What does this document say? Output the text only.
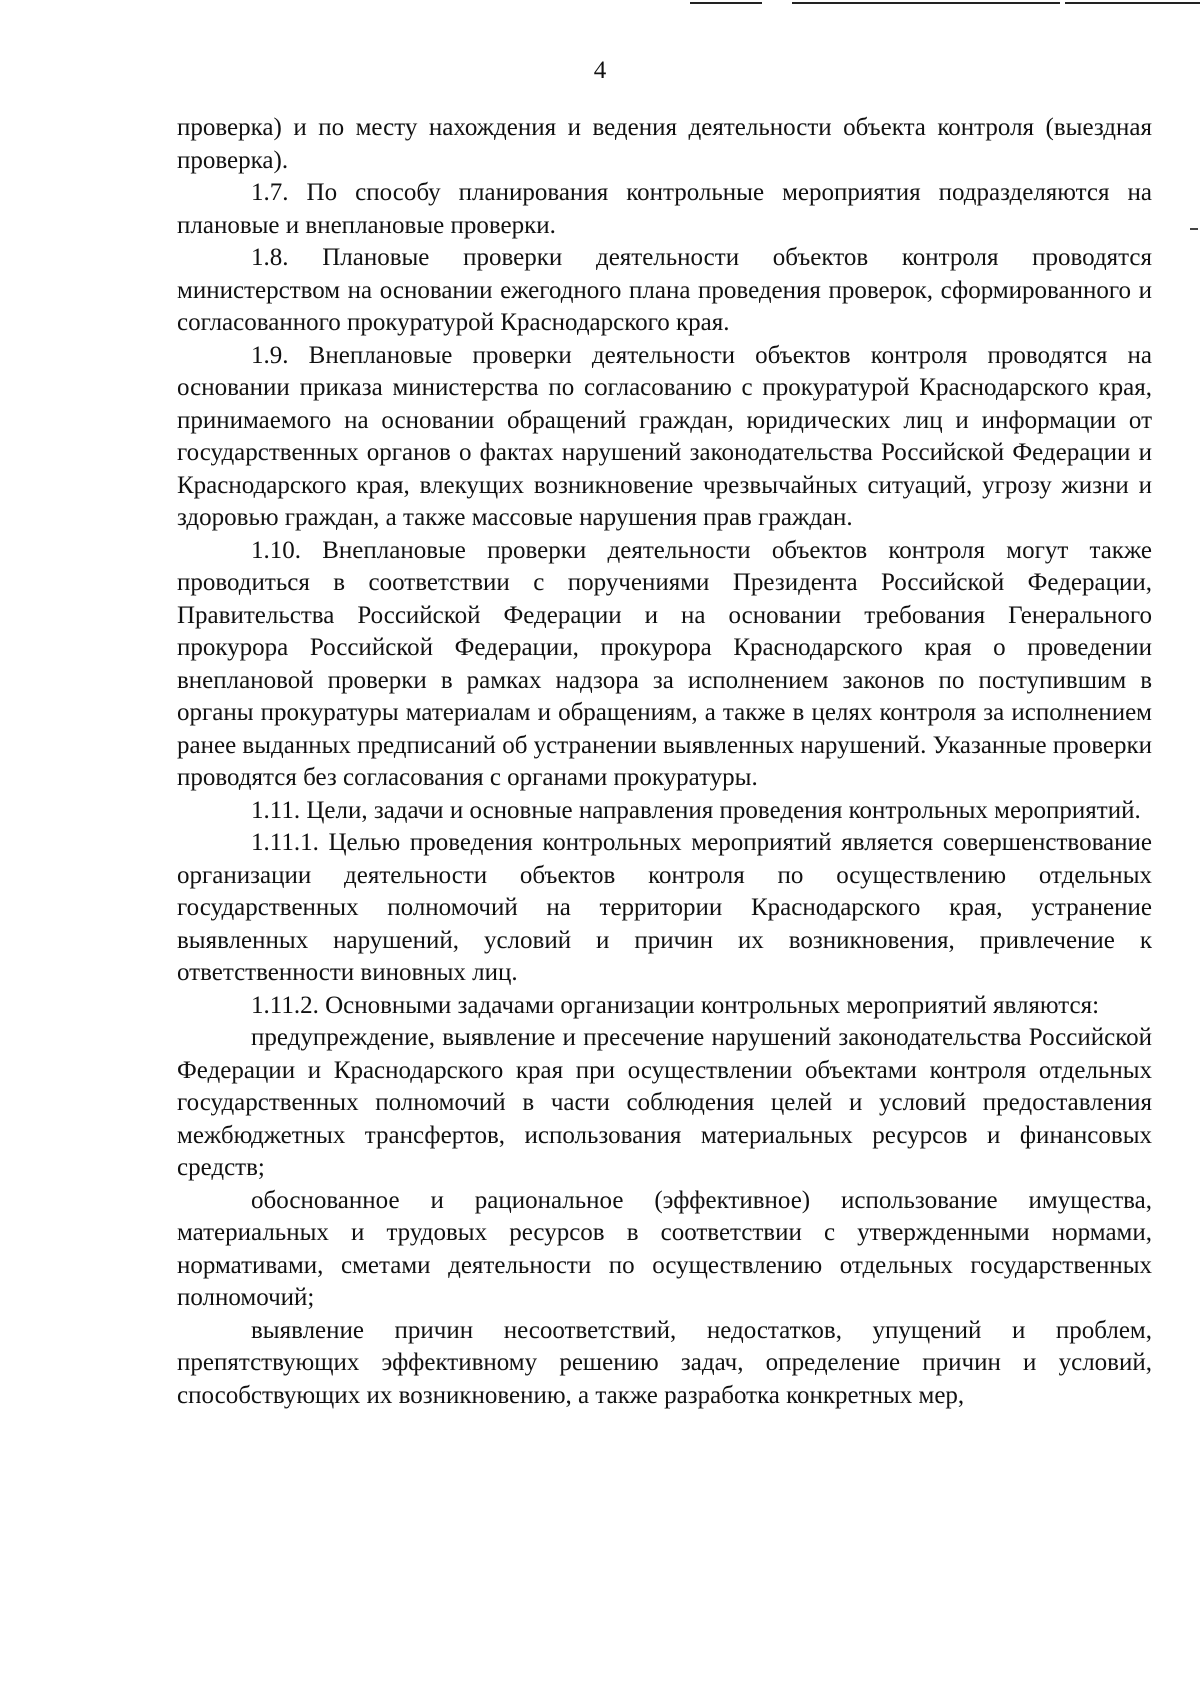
4

проверка) и по месту нахождения и ведения деятельности объекта контроля (выездная проверка).

1.7. По способу планирования контрольные мероприятия подразделяются на плановые и внеплановые проверки.

1.8. Плановые проверки деятельности объектов контроля проводятся министерством на основании ежегодного плана проведения проверок, сформированного и согласованного прокуратурой Краснодарского края.

1.9. Внеплановые проверки деятельности объектов контроля проводятся на основании приказа министерства по согласованию с прокуратурой Краснодарского края, принимаемого на основании обращений граждан, юридических лиц и информации от государственных органов о фактах нарушений законодательства Российской Федерации и Краснодарского края, влекущих возникновение чрезвычайных ситуаций, угрозу жизни и здоровью граждан, а также массовые нарушения прав граждан.

1.10. Внеплановые проверки деятельности объектов контроля могут также проводиться в соответствии с поручениями Президента Российской Федерации, Правительства Российской Федерации и на основании требования Генерального прокурора Российской Федерации, прокурора Краснодарского края о проведении внеплановой проверки в рамках надзора за исполнением законов по поступившим в органы прокуратуры материалам и обращениям, а также в целях контроля за исполнением ранее выданных предписаний об устранении выявленных нарушений. Указанные проверки проводятся без согласования с органами прокуратуры.

1.11. Цели, задачи и основные направления проведения контрольных мероприятий.

1.11.1. Целью проведения контрольных мероприятий является совершенствование организации деятельности объектов контроля по осуществлению отдельных государственных полномочий на территории Краснодарского края, устранение выявленных нарушений, условий и причин их возникновения, привлечение к ответственности виновных лиц.

1.11.2. Основными задачами организации контрольных мероприятий являются:

предупреждение, выявление и пресечение нарушений законодательства Российской Федерации и Краснодарского края при осуществлении объектами контроля отдельных государственных полномочий в части соблюдения целей и условий предоставления межбюджетных трансфертов, использования материальных ресурсов и финансовых средств;

обоснованное и рациональное (эффективное) использование имущества, материальных и трудовых ресурсов в соответствии с утвержденными нормами, нормативами, сметами деятельности по осуществлению отдельных государственных полномочий;

выявление причин несоответствий, недостатков, упущений и проблем, препятствующих эффективному решению задач, определение причин и условий, способствующих их возникновению, а также разработка конкретных мер,
